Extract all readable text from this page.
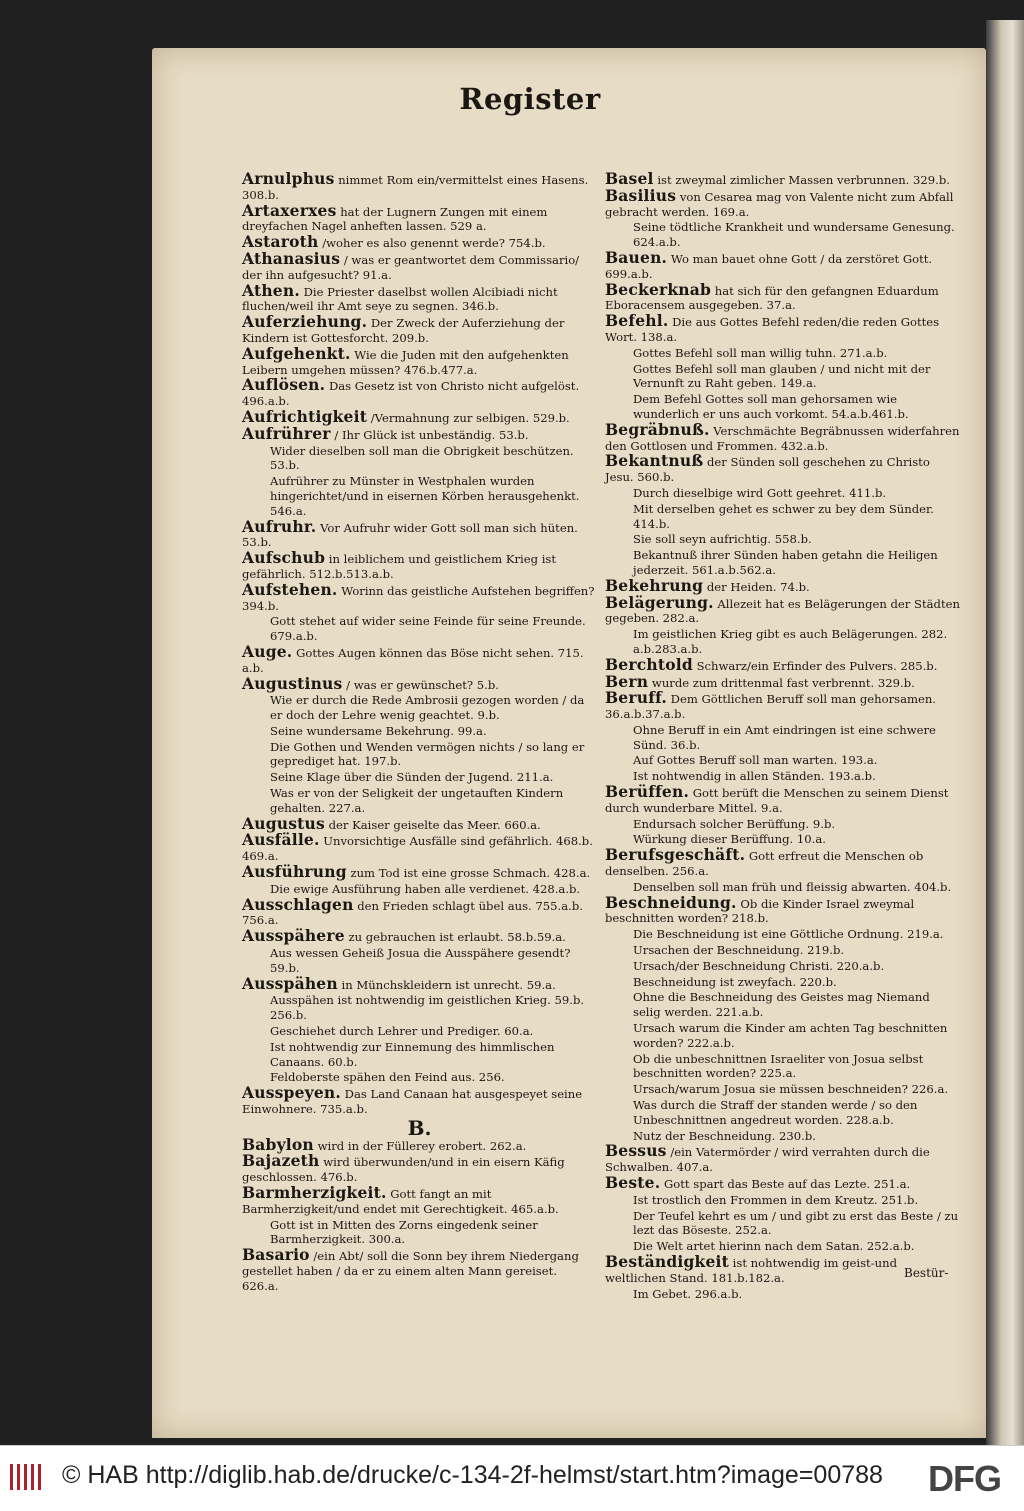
Register
Arnulphus nimmet Rom ein/vermittelst eines Hasens. 308.b.
Artaxerxes hat der Lugnern Zungen mit einem dreyfachen Nagel anheften lassen. 529 a.
Astaroth /woher es also genennt werde? 754.b.
Athanasius / was er geantwortet dem Commissario/ der ihn aufgesucht? 91.a.
Athen. Die Priester daselbst wollen Alcibiadi nicht fluchen/weil ihr Amt seye zu segnen. 346.b.
Auferziehung. Der Zweck der Auferziehung der Kindern ist Gottesforcht. 209.b.
Aufgehenkt. Wie die Juden mit den aufgehenkten Leibern umgehen müssen? 476.b.477.a.
Auflösen. Das Gesetz ist von Christo nicht aufgelöst. 496.a.b.
Aufrichtigkeit /Vermahnung zur selbigen. 529.b.
Aufrührer / Ihr Glück ist unbeständig. 53.b.
Wider dieselben soll man die Obrigkeit beschützen. 53.b.
Aufrührer zu Münster in Westphalen wurden hingerichtet/und in eisernen Körben herausgehenkt. 546.a.
Aufruhr. Vor Aufruhr wider Gott soll man sich hüten. 53.b.
Aufschub in leiblichem und geistlichem Krieg ist gefährlich. 512.b.513.a.b.
Aufstehen. Worinn das geistliche Aufstehen begriffen? 394.b.
Gott stehet auf wider seine Feinde für seine Freunde. 679.a.b.
Auge. Gottes Augen können das Böse nicht sehen. 715. a.b.
Augustinus / was er gewünschet? 5.b.
Wie er durch die Rede Ambrosii gezogen worden / da er doch der Lehre wenig geachtet. 9.b.
Seine wundersame Bekehrung. 99.a.
Die Gothen und Wenden vermögen nichts / so lang er geprediget hat. 197.b.
Seine Klage über die Sünden der Jugend. 211.a.
Was er von der Seligkeit der ungetauften Kindern gehalten. 227.a.
Augustus der Kaiser geiselte das Meer. 660.a.
Ausfälle. Unvorsichtige Ausfälle sind gefährlich. 468.b. 469.a.
Ausführung zum Tod ist eine grosse Schmach. 428.a.
Die ewige Ausführung haben alle verdienet. 428.a.b.
Ausschlagen den Frieden schlagt übel aus. 755.a.b. 756.a.
Ausspähere zu gebrauchen ist erlaubt. 58.b.59.a.
Aus wessen Geheiß Josua die Ausspähere gesendt? 59.b.
Ausspähen in Münchskleidern ist unrecht. 59.a.
Ausspähen ist nohtwendig im geistlichen Krieg. 59.b. 256.b.
Geschiehet durch Lehrer und Prediger. 60.a.
Ist nohtwendig zur Einnemung des himmlischen Canaans. 60.b.
Feldoberste spähen den Feind aus. 256.
Ausspeyen. Das Land Canaan hat ausgespeyet seine Einwohnere. 735.a.b.
B.
Babylon wird in der Füllerey erobert. 262.a.
Bajazeth wird überwunden/und in ein eisern Käfig geschlossen. 476.b.
Barmherzigkeit. Gott fangt an mit Barmherzigkeit/und endet mit Gerechtigkeit. 465.a.b.
Gott ist in Mitten des Zorns eingedenk seiner Barmherzigkeit. 300.a.
Basario /ein Abt/ soll die Sonn bey ihrem Niedergang gestellet haben / da er zu einem alten Mann gereiset. 626.a.
Basel ist zweymal zimlicher Massen verbrunnen. 329.b.
Basilius von Cesarea mag von Valente nicht zum Abfall gebracht werden. 169.a.
Seine tödtliche Krankheit und wundersame Genesung. 624.a.b.
Bauen. Wo man bauet ohne Gott / da zerstöret Gott. 699.a.b.
Beckerknab hat sich für den gefangnen Eduardum Eboracensem ausgegeben. 37.a.
Befehl. Die aus Gottes Befehl reden/die reden Gottes Wort. 138.a.
Gottes Befehl soll man willig tuhn. 271.a.b.
Gottes Befehl soll man glauben / und nicht mit der Vernunft zu Raht geben. 149.a.
Dem Befehl Gottes soll man gehorsamen wie wunderlich er uns auch vorkomt. 54.a.b.461.b.
Begräbnuß. Verschmächte Begräbnussen widerfahren den Gottlosen und Frommen. 432.a.b.
Bekantnuß der Sünden soll geschehen zu Christo Jesu. 560.b.
Durch dieselbige wird Gott geehret. 411.b.
Mit derselben gehet es schwer zu bey dem Sünder. 414.b.
Sie soll seyn aufrichtig. 558.b.
Bekantnuß ihrer Sünden haben getahn die Heiligen jederzeit. 561.a.b.562.a.
Bekehrung der Heiden. 74.b.
Belägerung. Allezeit hat es Belägerungen der Städten gegeben. 282.a.
Im geistlichen Krieg gibt es auch Belägerungen. 282. a.b.283.a.b.
Berchtold Schwarz/ein Erfinder des Pulvers. 285.b.
Bern wurde zum drittenmal fast verbrennt. 329.b.
Beruff. Dem Göttlichen Beruff soll man gehorsamen. 36.a.b.37.a.b.
Ohne Beruff in ein Amt eindringen ist eine schwere Sünd. 36.b.
Auf Gottes Beruff soll man warten. 193.a.
Ist nohtwendig in allen Ständen. 193.a.b.
Berüffen. Gott berüft die Menschen zu seinem Dienst durch wunderbare Mittel. 9.a.
Endursach solcher Berüffung. 9.b.
Würkung dieser Berüffung. 10.a.
Berufsgeschäft. Gott erfreut die Menschen ob denselben. 256.a.
Denselben soll man früh und fleissig abwarten. 404.b.
Beschneidung. Ob die Kinder Israel zweymal beschnitten worden? 218.b.
Die Beschneidung ist eine Göttliche Ordnung. 219.a.
Ursachen der Beschneidung. 219.b.
Ursach/der Beschneidung Christi. 220.a.b.
Beschneidung ist zweyfach. 220.b.
Ohne die Beschneidung des Geistes mag Niemand selig werden. 221.a.b.
Ursach warum die Kinder am achten Tag beschnitten worden? 222.a.b.
Ob die unbeschnittnen Israeliter von Josua selbst beschnitten worden? 225.a.
Ursach/warum Josua sie müssen beschneiden? 226.a.
Was durch die Straff der standen werde / so den Unbeschnittnen angedreut worden. 228.a.b.
Nutz der Beschneidung. 230.b.
Bessus /ein Vatermörder / wird verrahten durch die Schwalben. 407.a.
Beste. Gott spart das Beste auf das Lezte. 251.a.
Ist trostlich den Frommen in dem Kreutz. 251.b.
Der Teufel kehrt es um / und gibt zu erst das Beste / zu lezt das Böseste. 252.a.
Die Welt artet hierinn nach dem Satan. 252.a.b.
Beständigkeit ist nohtwendig im geist-und weltlichen Stand. 181.b.182.a.
Im Gebet. 296.a.b.
Bestür-
© HAB http://diglib.hab.de/drucke/c-134-2f-helmst/start.htm?image=00788 DFG
